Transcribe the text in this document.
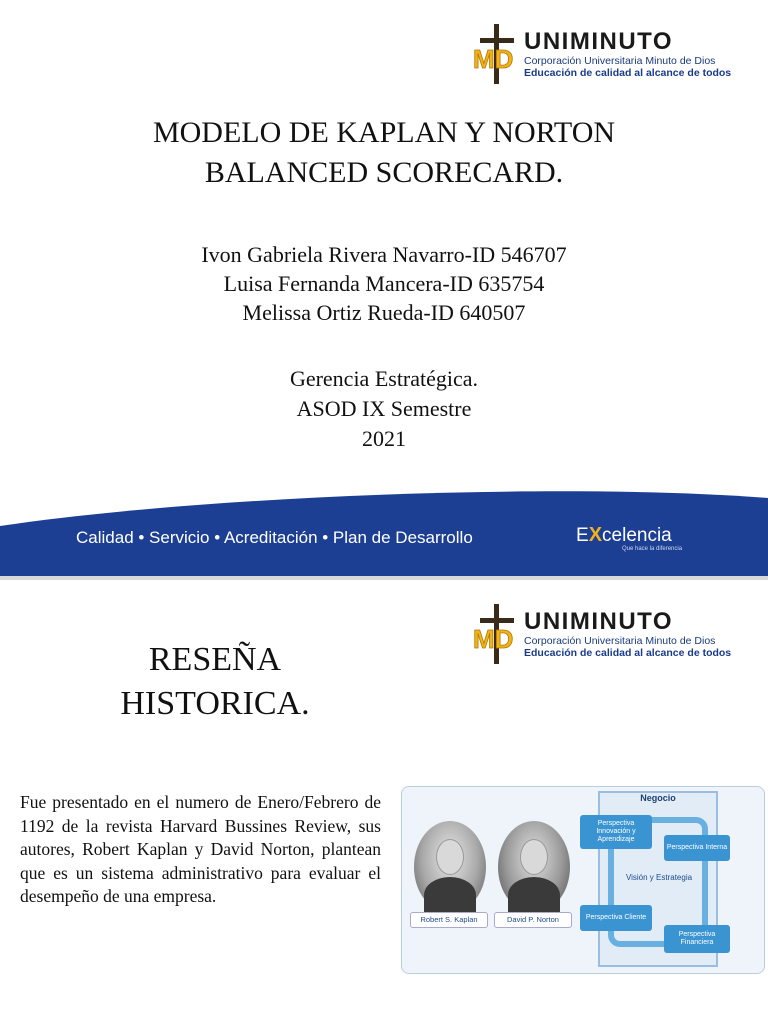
MD
UNIMINUTO
Corporación Universitaria Minuto de Dios
Educación de calidad al alcance de todos
MODELO DE KAPLAN Y NORTON
BALANCED SCORECARD.
Ivon Gabriela Rivera Navarro-ID 546707
Luisa Fernanda Mancera-ID 635754
Melissa Ortiz Rueda-ID 640507
Gerencia Estratégica.
ASOD IX Semestre
2021
Calidad • Servicio • Acreditación • Plan de Desarrollo	EXcelencia
Que hace la diferencia
MD
UNIMINUTO
Corporación Universitaria Minuto de Dios
Educación de calidad al alcance de todos
RESEÑA
HISTORICA.
Fue presentado en el numero de Enero/Febrero de 1192 de la revista Harvard Bussines Review, sus autores, Robert Kaplan y David Norton, plantean que es un sistema administrativo para evaluar el desempeño de una empresa.
Robert S. Kaplan	David P. Norton
Negocio
Perspectiva Innovación y Aprendizaje
Perspectiva Interna
Perspectiva Cliente
Perspectiva Financiera
Visión y Estrategia
